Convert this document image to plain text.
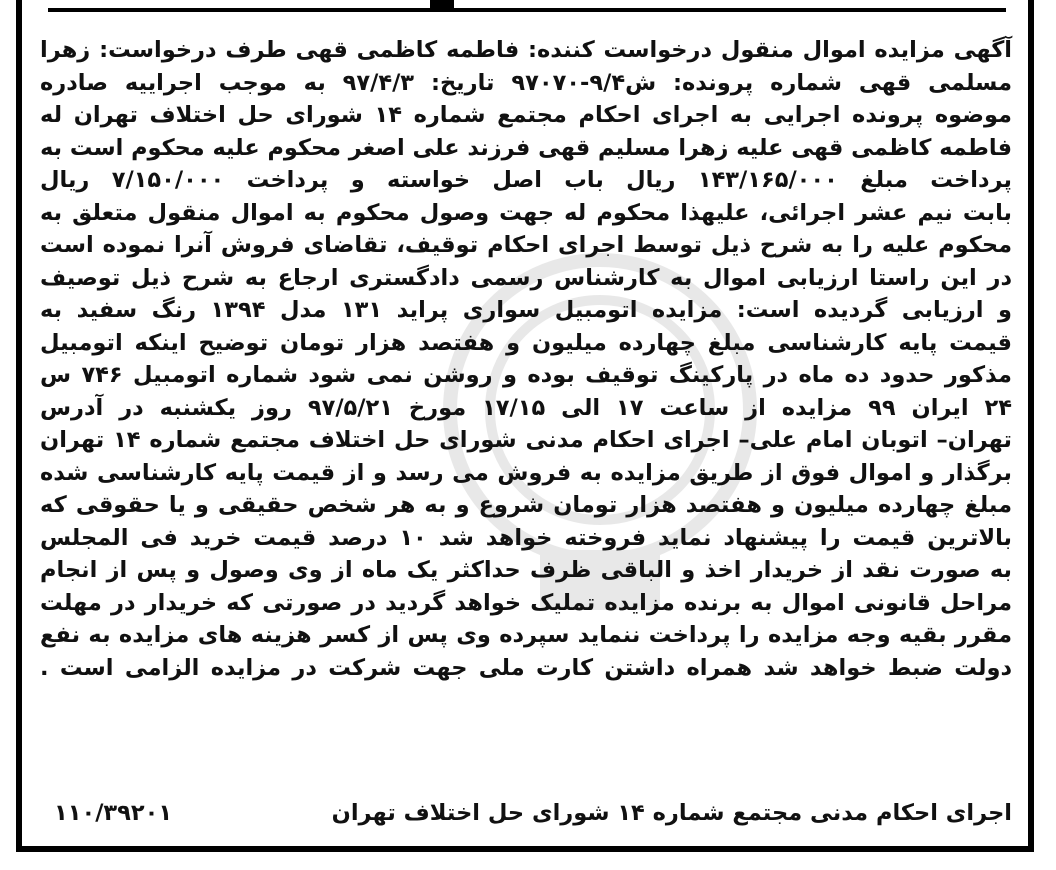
آگهی مزایده اموال منقول درخواست کننده: فاطمه کاظمی قهی طرف درخواست: زهرا
مسلمی قهی شماره پرونده: ش۹/۴-۹۷۰۷۰ تاریخ: ۹۷/۴/۳ به موجب اجراییه صادره
موضوه پرونده اجرایی به اجرای احکام مجتمع شماره ۱۴ شورای حل اختلاف تهران له
فاطمه کاظمی قهی علیه زهرا مسلیم قهی فرزند علی اصغر محکوم علیه محکوم است به
پرداخت مبلغ ۱۴۳/۱۶۵/۰۰۰ ریال باب اصل خواسته و پرداخت ۷/۱۵۰/۰۰۰ ریال
بابت نیم عشر اجرائی، علیهذا محکوم له جهت وصول محکوم به اموال منقول متعلق به
محکوم علیه را به شرح ذیل توسط اجرای احکام توقیف، تقاضای فروش آنرا نموده است
در این راستا ارزیابی اموال به کارشناس رسمی دادگستری ارجاع به شرح ذیل توصیف
و ارزیابی گردیده است: مزایده اتومبیل سواری پراید ۱۳۱ مدل ۱۳۹۴ رنگ سفید به
قیمت پایه کارشناسی مبلغ چهارده میلیون و هفتصد هزار تومان توضیح اینکه اتومبیل
مذکور حدود ده ماه در پارکینگ توقیف بوده و روشن نمی شود شماره اتومبیل ۷۴۶ س
۲۴ ایران ۹۹ مزایده از ساعت ۱۷ الی ۱۷/۱۵ مورخ ۹۷/۵/۲۱ روز یکشنبه در آدرس
تهران– اتوبان امام علی– اجرای احکام مدنی شورای حل اختلاف مجتمع شماره ۱۴ تهران
برگذار و اموال فوق از طریق مزایده به فروش می رسد و از قیمت پایه کارشناسی شده
مبلغ چهارده میلیون و هفتصد هزار تومان شروع و به هر شخص حقیقی و یا حقوقی که
بالاترین قیمت را پیشنهاد نماید فروخته خواهد شد ۱۰ درصد قیمت خرید فی المجلس
به صورت نقد از خریدار اخذ و الباقی ظرف حداکثر یک ماه از وی وصول و پس از انجام
مراحل قانونی اموال به برنده مزایده تملیک خواهد گردید در صورتی که خریدار در مهلت
مقرر بقیه وجه مزایده را پرداخت ننماید سپرده وی پس از کسر هزینه های مزایده به نفع
دولت ضبط خواهد شد همراه داشتن کارت ملی جهت شرکت در مزایده الزامی است .
اجرای احکام مدنی مجتمع شماره ۱۴ شورای حل اختلاف تهران
۱۱۰/۳۹۲۰۱
